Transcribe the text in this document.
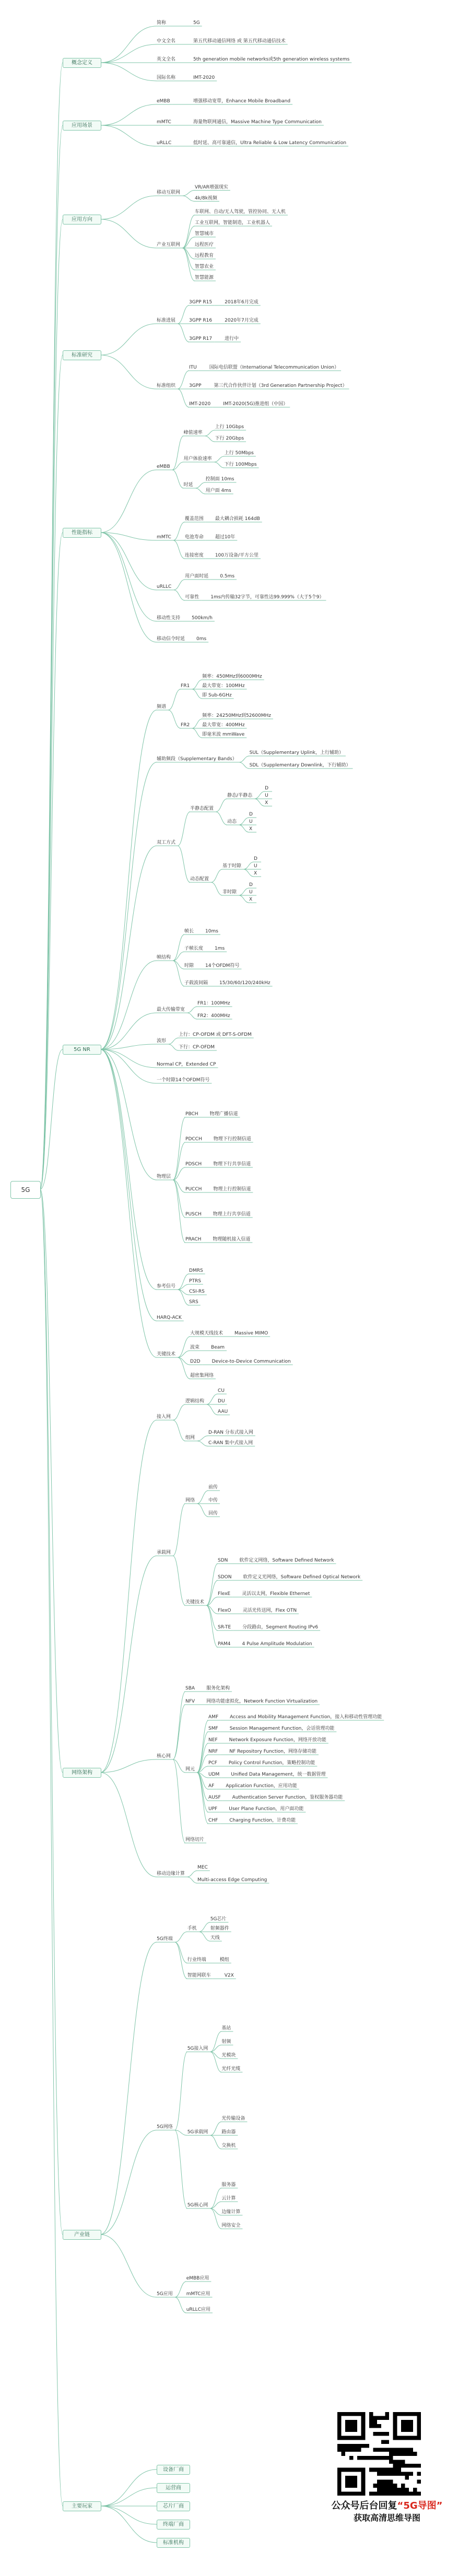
5G
概念定义
应用场景
应用方向
标准研究
性能指标
5G NR
网络架构
产业链
主要玩家
设备厂商
运营商
芯片厂商
终端厂商
标准机构
简称	5G
中文全名	第五代移动通信网络 或 第五代移动通信技术
英文全名	5th generation mobile networks或5th generation wireless systems
国际名称	IMT-2020
eMBB	增强移动宽带，Enhance Mobile Broadband
mMTC	海量物联网通信，Massive Machine Type Communication
uRLLC	低时延、高可靠通信，Ultra Reliable & Low Latency Communication
移动互联网
VR/AR增强现实
4k/8k视频
产业互联网
车联网、自动/无人驾驶，管控协同、无人机
工业互联网，智能制造，工业机器人
智慧城市
远程医疗
远程教育
智慧农业
智慧能源
标准进展
3GPP R15	2018年6月完成
3GPP R16	2020年7月完成
3GPP R17	进行中
标准组织
ITU	国际电信联盟（International Telecommunication Union）
3GPP	第三代合作伙伴计划（3rd Generation Partnership Project）
IMT-2020	IMT-2020(5G)推进组（中国）
eMBB
峰值速率
上行 10Gbps
下行 20Gbps
用户体验速率
上行 50Mbps
下行 100Mbps
时延
控制面 10ms
用户面 4ms
mMTC
覆盖范围 最大耦合损耗 164dB
电池寿命 超过10年
连接密度 100万设备/平方公里
uRLLC
用户面时延 0.5ms
可靠性 1ms内传输32字节，可靠性达99.999%（大于5个9）
移动性支持 500km/h
移动信令时延 0ms
频谱
FR1
频率：450MHz到6000MHz
最大带宽：100MHz
即 Sub-6GHz
FR2
频率：24250MHz到52600MHz
最大带宽：400MHz
即毫米波 mmWave
辅助频段（Supplementary Bands）
SUL（Supplementary Uplink，上行辅助）
SDL（Supplementary Downlink，下行辅助）
双工方式
半静态配置
静态/半静态
D
U
X
动态
D
U
X
动态配置
基于时隙
D
U
X
非时隙
D
U
X
帧结构
帧长 10ms
子帧长度 1ms
时隙 14个OFDM符号
子载波间隔 15/30/60/120/240kHz
最大传输带宽
FR1：100MHz
FR2：400MHz
波形
上行：CP-OFDM 或 DFT-S-OFDM
下行：CP-OFDM
Normal CP，Extended CP
一个时隙14个OFDM符号
物理层
PBCH 物理广播信道
PDCCH 物理下行控制信道
PDSCH 物理下行共享信道
PUCCH 物理上行控制信道
PUSCH 物理上行共享信道
PRACH 物理随机接入信道
参考信号
DMRS
PTRS
CSI-RS
SRS
HARQ-ACK
关键技术
大规模天线技术 Massive MIMO
波束 Beam
D2D Device-to-Device Communication
超密集网络
接入网
逻辑结构
CU
DU
AAU
组网
D-RAN 分布式接入网
C-RAN 集中式接入网
承载网
网络
前传
中传
回传
关键技术
SDN 软件定义网络，Software Defined Network
SDON 软件定义光网络，Software Defined Optical Network
FlexE 灵活以太网，Flexible Ethernet
FlexO 灵活光传送网，Flex OTN
SR-TE 分段路由，Segment Routing IPv6
PAM4 4 Pulse Amplitude Modulation
核心网
SBA 服务化架构
NFV 网络功能虚拟化，Network Function Virtualization
网元
AMF Access and Mobility Management Function，接入和移动性管理功能
SMF Session Management Function，会话管理功能
NEF Network Exposure Function，网络开放功能
NRF NF Repository Function，网络存储功能
PCF Policy Control Function，策略控制功能
UDM Unified Data Management，统一数据管理
AF Application Function，应用功能
AUSF Authentication Server Function，鉴权服务器功能
UPF User Plane Function，用户面功能
CHF Charging Function，计费功能
网络切片
移动边缘计算
MEC
Multi-access Edge Computing
5G终端
手机
5G芯片
射频器件
天线
行业终端	模组
智能网联车	V2X
5G网络
5G接入网
基站
射频
光模块
光纤光缆
5G承载网
光传输设备
路由器
交换机
5G核心网
服务器
云计算
边缘计算
网络安全
5G应用
eMBB应用
mMTC应用
uRLLC应用
公众号后台回复“5G导图”
获取高清思维导图
